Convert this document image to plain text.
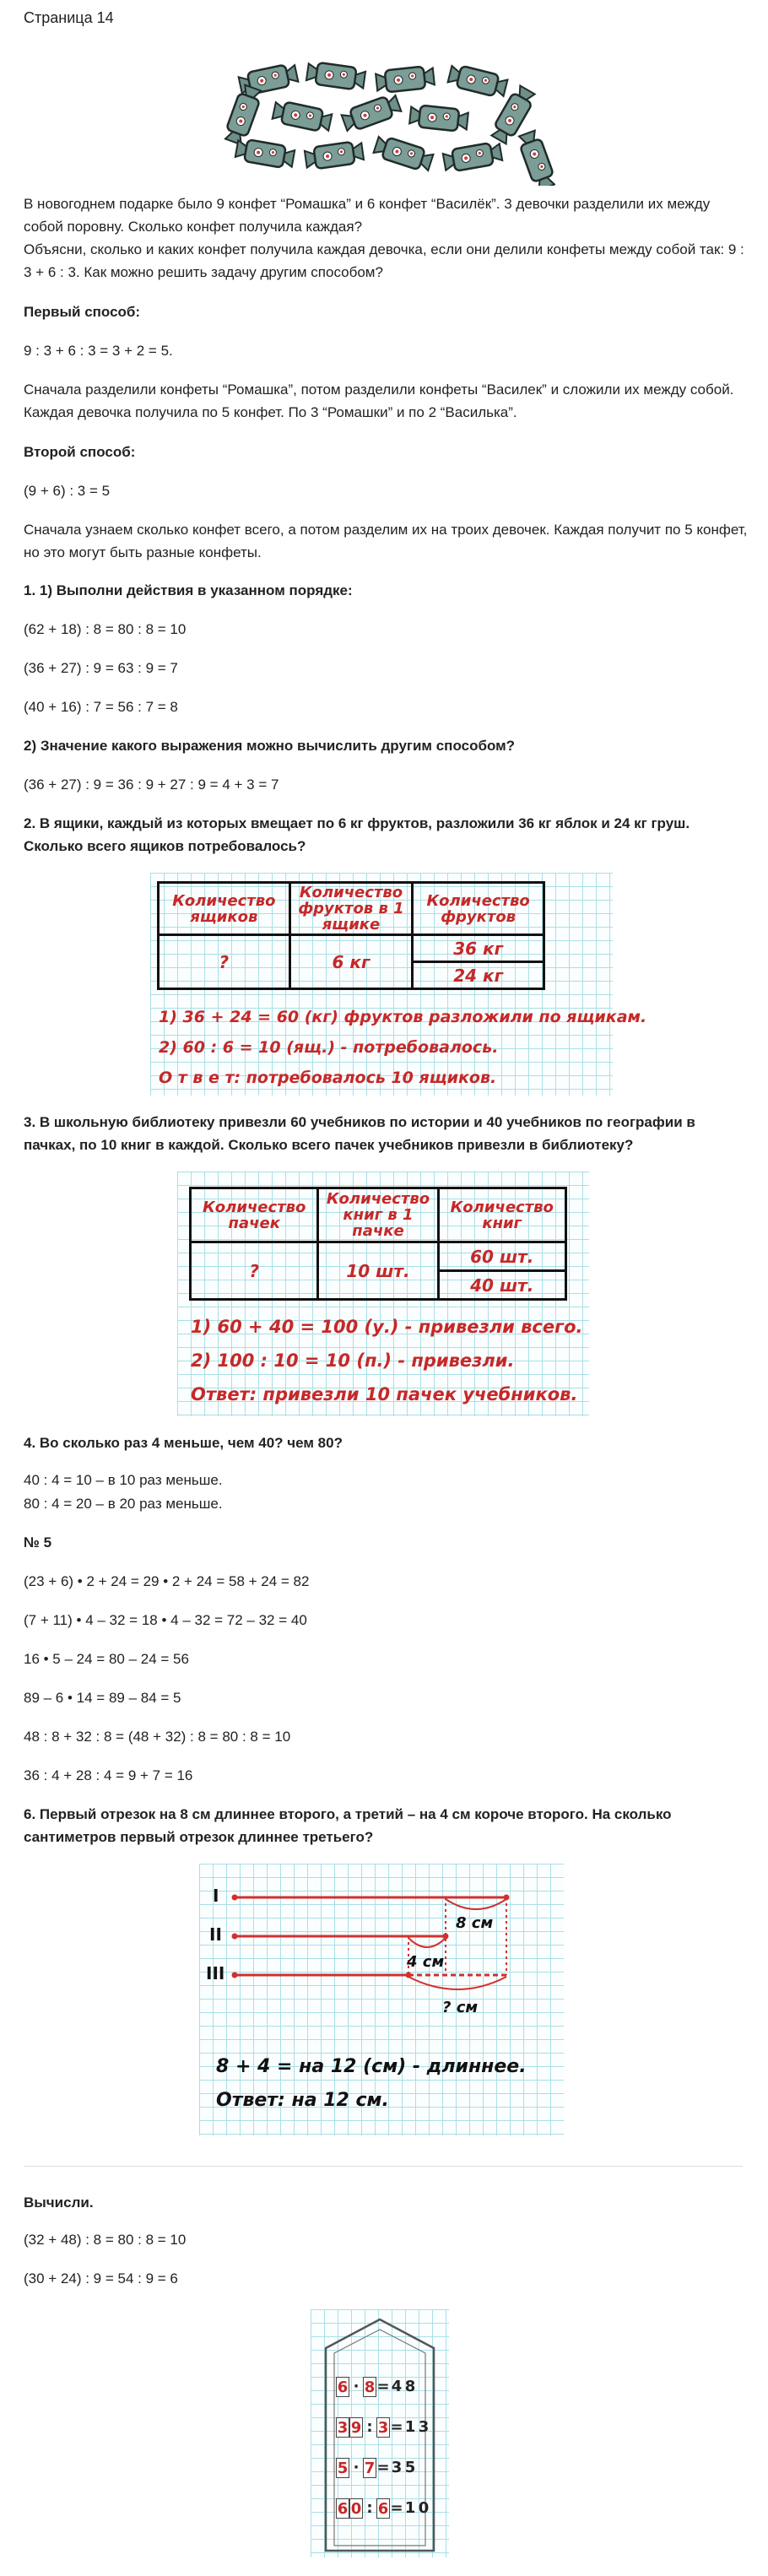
Страница 14
В новогоднем подарке было 9 конфет “Ромашка” и 6 конфет “Василёк”. 3 девочки разделили их между собой поровну. Сколько конфет получила каждая?
Объясни, сколько и каких конфет получила каждая девочка, если они делили конфеты между собой так: 9 : 3 + 6 : 3. Как можно решить задачу другим способом?
Первый способ:
9 : 3 + 6 : 3 = 3 + 2 = 5.
Сначала разделили конфеты “Ромашка”, потом разделили конфеты “Василек” и сложили их между собой. Каждая девочка получила по 5 конфет. По 3 “Ромашки” и по 2 “Василька”.
Второй способ:
(9 + 6) : 3 = 5
Сначала узнаем сколько конфет всего, а потом разделим их на троих девочек. Каждая получит по 5 конфет, но это могут быть разные конфеты.
1. 1) Выполни действия в указанном порядке:
(62 + 18) : 8 = 80 : 8 = 10
(36 + 27) : 9 = 63 : 9 = 7
(40 + 16) : 7 = 56 : 7 = 8
2) Значение какого выражения можно вычислить другим способом?
(36 + 27) : 9 = 36 : 9 + 27 : 9 = 4 + 3 = 7
2. В ящики, каждый из которых вмещает по 6 кг фруктов, разложили 36 кг яблок и 24 кг груш. Сколько всего ящиков потребовалось?
Количество ящиков	Количество фруктов в 1 ящике	Количество фруктов
?	6 кг	36 кг
		24 кг
1) 36 + 24 = 60 (кг) фруктов разложили по ящикам.
2) 60 : 6 = 10 (ящ.) - потребовалось.
О т в е т: потребовалось 10 ящиков.
3. В школьную библиотеку привезли 60 учебников по истории и 40 учебников по географии в пачках, по 10 книг в каждой. Сколько всего пачек учебников привезли в библиотеку?
Количество пачек	Количество книг в 1 пачке	Количество книг
?	10 шт.	60 шт.
		40 шт.
1) 60 + 40 = 100 (у.) - привезли всего.
2) 100 : 10 = 10 (п.) - привезли.
Ответ: привезли 10 пачек учебников.
4. Во сколько раз 4 меньше, чем 40? чем 80?
40 : 4 = 10 – в 10 раз меньше.
80 : 4 = 20 – в 20 раз меньше.
№ 5
(23 + 6) • 2 + 24 = 29 • 2 + 24 = 58 + 24 = 82
(7 + 11) • 4 – 32 = 18 • 4 – 32 = 72 – 32 = 40
16 • 5 – 24 = 80 – 24 = 56
89 – 6 • 14 = 89 – 84 = 5
48 : 8 + 32 : 8 = (48 + 32) : 8 = 80 : 8 = 10
36 : 4 + 28 : 4 = 9 + 7 = 16
6. Первый отрезок на 8 см длиннее второго, а третий – на 4 см короче второго. На сколько сантиметров первый отрезок длиннее третьего?
I
II
III
8 см
4 см
? см
8 + 4 = на 12 (см) - длиннее.
Ответ: на 12 см.
Вычисли.
(32 + 48) : 8 = 80 : 8 = 10
(30 + 24) : 9 = 54 : 9 = 6
6 · 8 = 4 8
3 9 : 3 = 1 3
5 · 7 = 3 5
6 0 : 6 = 1 0
